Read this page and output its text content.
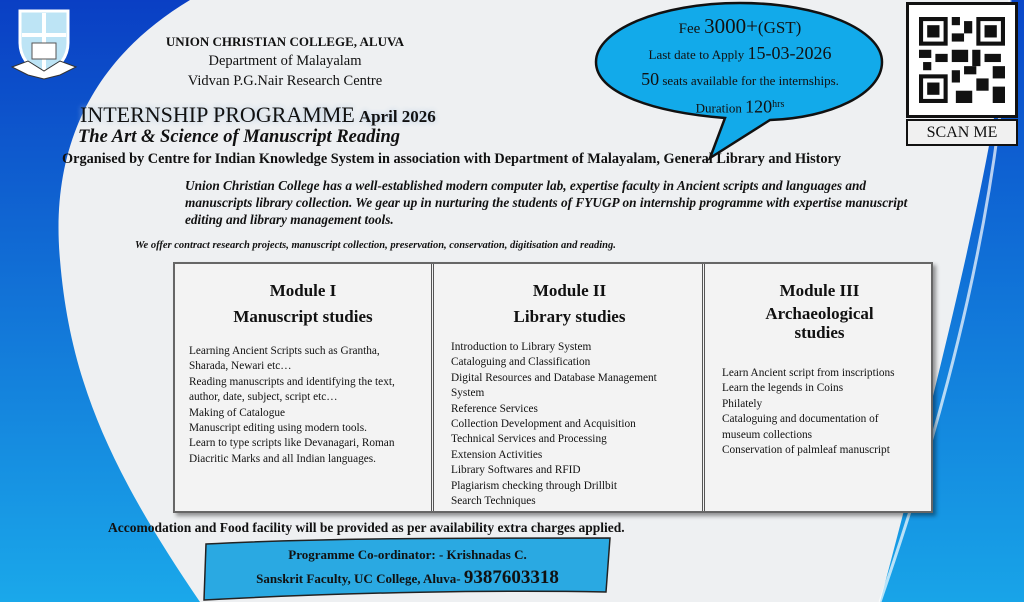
UNION CHRISTIAN COLLEGE, ALUVA
Department of Malayalam
Vidvan P.G.Nair Research Centre
INTERNSHIP PROGRAMME April 2026
The Art & Science of Manuscript Reading
Organised by Centre for Indian Knowledge System in association with Department of Malayalam, General Library and History
Fee 3000+(GST)
Last date to Apply 15-03-2026
50 seats available for the internships.
Duration $120^{hrs}$
SCAN ME
Union Christian College has a well-established modern computer lab, expertise faculty in Ancient scripts and languages and manuscripts library collection. We gear up in nurturing the students of FYUGP on internship programme with expertise manuscript editing and library management tools.
We offer contract research projects, manuscript collection, preservation, conservation, digitisation and reading.
Module I
Manuscript studies
Learning Ancient Scripts such as Grantha, Sharada, Newari etc…
Reading manuscripts and identifying the text, author, date, subject, script etc…
Making of Catalogue
Manuscript editing using modern tools.
Learn to type scripts like Devanagari, Roman Diacritic Marks and all Indian languages.
Module II
Library studies
Introduction to Library System
Cataloguing and Classification
Digital Resources and Database Management System
Reference Services
Collection Development and Acquisition
Technical Services and Processing
Extension Activities
Library Softwares and RFID
Plagiarism checking through Drillbit
Search Techniques
Module III
Archaeological studies
Learn Ancient script from inscriptions
Learn the legends in Coins
Philately
Cataloguing and documentation of museum collections
Conservation of palmleaf manuscript
Accomodation and Food facility will be provided as per availability extra charges applied.
Programme Co-ordinator: - Krishnadas C.
Sanskrit Faculty, UC College, Aluva- 9387603318
